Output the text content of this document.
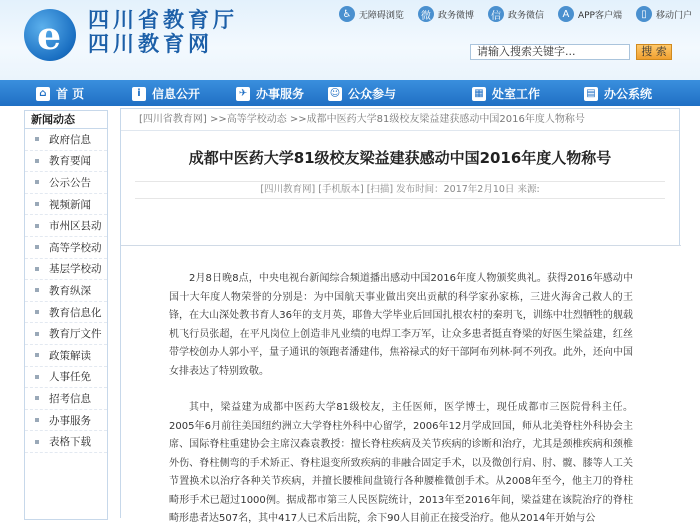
e 四川省教育厅
四川教育网
♿ 无障碍浏览	微 政务微博	信 政务微信	A APP客户端	▯	移动门户
请输入搜索关键字...	搜 索
⌂ 首 页	i 信息公开	✈ 办事服务	☺ 公众参与	▦ 处室工作	▤ 办公系统
新闻动态
政府信息
教育要闻
公示公告
视频新闻
市州区县动
高等学校动
基层学校动
教育纵深
教育信息化
教育厅文件
政策解读
人事任免
招考信息
办事服务
表格下载
[四川省教育网] >>高等学校动态 >>成都中医药大学81级校友梁益建获感动中国2016年度人物称号
成都中医药大学81级校友梁益建获感动中国2016年度人物称号
[四川教育网] [手机版本] [扫描] 发布时间：2017年2月10日 来源:

2月8日晚8点，中央电视台新闻综合频道播出感动中国2016年度人物颁奖典礼。获得2016年感动中国十大年度人物荣誉的分别是：为中国航天事业做出突出贡献的科学家孙家栋，三进火海舍己救人的王锋，在大山深处教书育人36年的支月英，耶鲁大学毕业后回国扎根农村的秦玥飞，训练中壮烈牺牲的舰载机飞行员张超，在平凡岗位上创造非凡业绩的电焊工李万军，让众多患者挺直脊梁的好医生梁益建，红丝带学校创办人郭小平，量子通讯的领跑者潘建伟，焦裕禄式的好干部阿布列林·阿不列孜。此外，还向中国女排表达了特别致敬。

其中，梁益建为成都中医药大学81级校友，主任医师，医学博士，现任成都市三医院骨科主任。2005年6月前往美国纽约洲立大学脊柱外科中心留学，2006年12月学成回国，师从北美脊柱外科协会主席、国际脊柱重建协会主席汉森袁教授：擅长脊柱疾病及关节疾病的诊断和治疗，尤其是颈椎疾病和颈椎外伤、脊柱侧弯的手术矫正、脊柱退变所致疾病的非融合固定手术，以及微创行肩、肘、髋、膝等人工关节置换术以治疗各种关节疾病，并擅长腰椎间盘镜行各种腰椎微创手术。从2008年至今，他主刀的脊柱畸形手术已超过1000例。据成都市第三人民医院统计，2013年至2016年间，梁益建在该院治疗的脊柱畸形患者达507名，其中417人已术后出院，余下90人目前正在接受治疗。他从2014年开始与公
